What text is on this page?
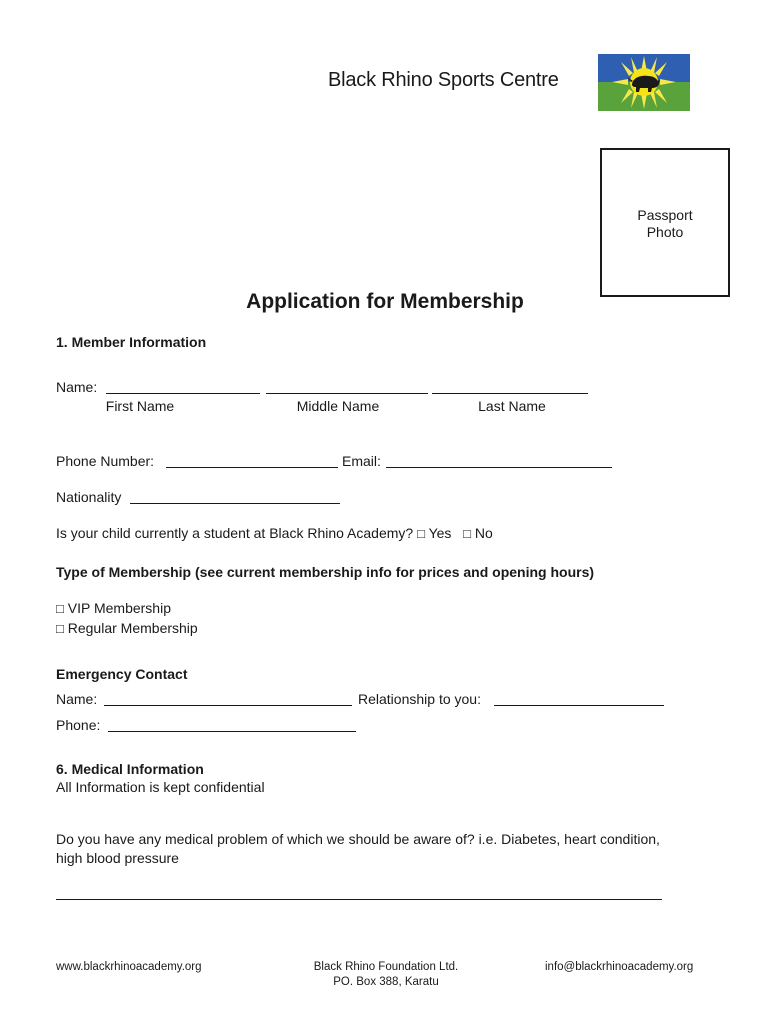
Black Rhino Sports Centre
Passport
Photo
Application for Membership
1. Member Information
Name:
First Name	Middle Name	Last Name
Phone Number:	Email:
Nationality
Is your child currently a student at Black Rhino Academy? □ Yes □ No
Type of Membership (see current membership info for prices and opening hours)
□ VIP Membership
□ Regular Membership
Emergency Contact
Name:	Relationship to you:
Phone:
6. Medical Information
All Information is kept confidential
Do you have any medical problem of which we should be aware of? i.e. Diabetes, heart condition,
high blood pressure
www.blackrhinoacademy.org	Black Rhino Foundation Ltd.
PO. Box 388, Karatu
info@blackrhinoacademy.org
